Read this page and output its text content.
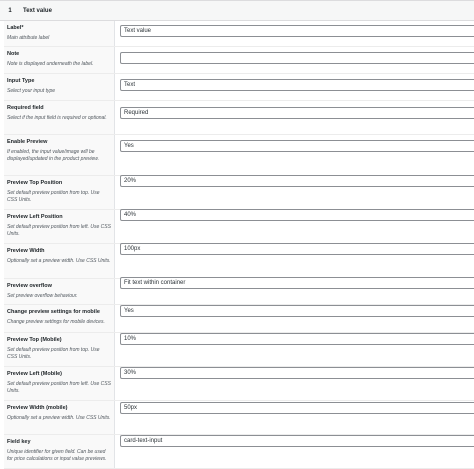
1	Text value
Label*
Main attribute label
Text value
Note
Note is displayed underneath the label.
Input Type
Select your input type
Text
Required field
Select if the input field is required or optional.
Required
Enable Preview
If enabled, the input value/image will be displayed/updated in the product preview.
Yes
Preview Top Position
Set default preview position from top. Use CSS Units.
20%
Preview Left Position
Set default preview position from left. Use CSS Units.
40%
Preview Width
Optionally set a preview width. Use CSS Units.
100px
Preview overflow
Set preview overflow behaviour.
Fit text within container
Change preview settings for mobile
Change preview settings for mobile devices.
Yes
Preview Top (Mobile)
Set default preview position from top. Use CSS Units.
10%
Preview Left (Mobile)
Set default preview position from left. Use CSS Units.
30%
Preview Width (mobile)
Optionally set a preview width. Use CSS Units.
50px
Field key
Unique identifier for given field. Can be used for price calculations or input value previews.
card-text-input
